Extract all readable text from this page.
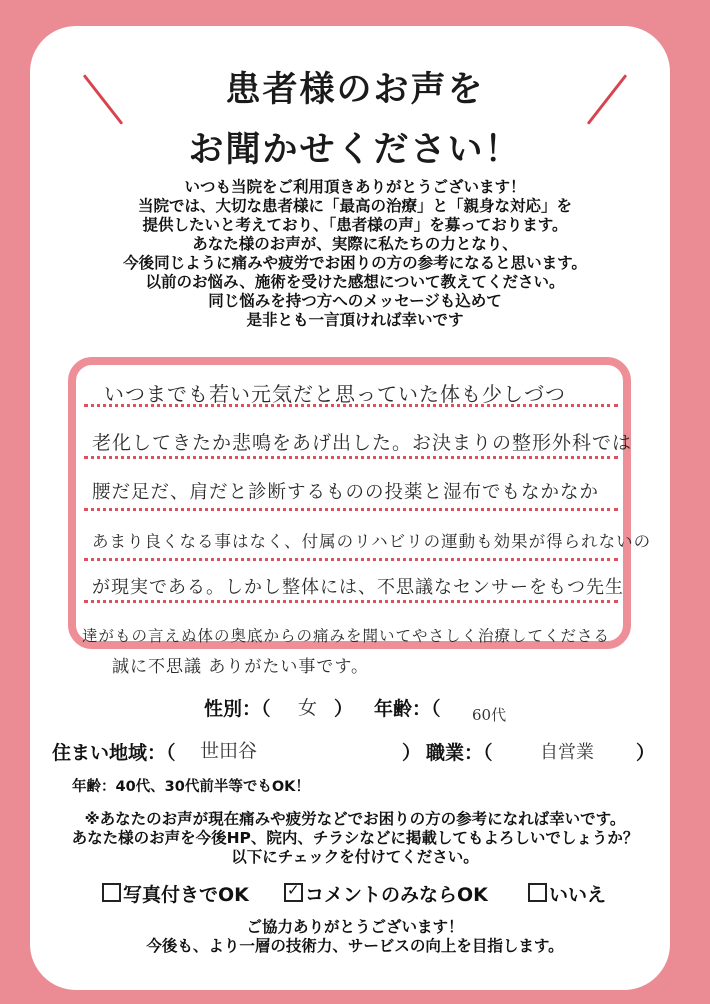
患者様のお声を
お聞かせください！
いつも当院をご利用頂きありがとうございます！
当院では、大切な患者様に「最高の治療」と「親身な対応」を
提供したいと考えており、「患者様の声」を募っております。
あなた様のお声が、実際に私たちの力となり、
今後同じように痛みや疲労でお困りの方の参考になると思います。
以前のお悩み、施術を受けた感想について教えてください。
同じ悩みを持つ方へのメッセージも込めて
是非とも一言頂ければ幸いです
いつまでも若い元気だと思っていた体も少しづつ
老化してきたか悲鳴をあげ出した。お決まりの整形外科では
腰だ足だ、肩だと診断するものの投薬と湿布でもなかなか
あまり良くなる事はなく、付属のリハビリの運動も効果が得られないの
が現実である。しかし整体には、不思議なセンサーをもつ先生
達がもの言えぬ体の奥底からの痛みを聞いてやさしく治療してくださる
誠に不思議 ありがたい事です。
性別：（ 女 ） 年齢：（ 60代
住まい地域：（ 世田谷	） 職業：（	自営業 ）
年齢：40代、30代前半等でもOK！
※あなたのお声が現在痛みや疲労などでお困りの方の参考になれば幸いです。
あなた様のお声を今後HP、院内、チラシなどに掲載してもよろしいでしょうか？
以下にチェックを付けてください。
写真付きでOK	✓ コメントのみならOK	いいえ
ご協力ありがとうございます！
今後も、より一層の技術力、サービスの向上を目指します。
